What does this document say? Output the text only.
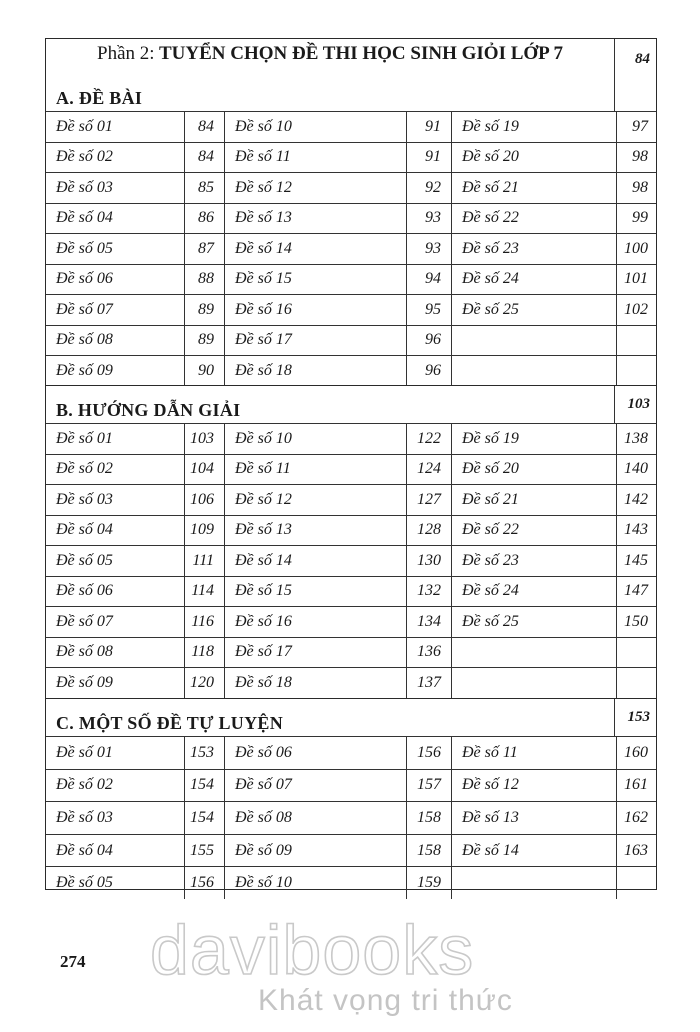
Phần 2: TUYỂN CHỌN ĐỀ THI HỌC SINH GIỎI LỚP 7
A. ĐỀ BÀI
84
Đề số 01	84	Đề số 10	91	Đề số 19	97
Đề số 02	84	Đề số 11	91	Đề số 20	98
Đề số 03	85	Đề số 12	92	Đề số 21	98
Đề số 04	86	Đề số 13	93	Đề số 22	99
Đề số 05	87	Đề số 14	93	Đề số 23	100
Đề số 06	88	Đề số 15	94	Đề số 24	101
Đề số 07	89	Đề số 16	95	Đề số 25	102
Đề số 08	89	Đề số 17	96
Đề số 09	90	Đề số 18	96
B. HƯỚNG DẪN GIẢI	103
Đề số 01	103	Đề số 10	122	Đề số 19	138
Đề số 02	104	Đề số 11	124	Đề số 20	140
Đề số 03	106	Đề số 12	127	Đề số 21	142
Đề số 04	109	Đề số 13	128	Đề số 22	143
Đề số 05	111	Đề số 14	130	Đề số 23	145
Đề số 06	114	Đề số 15	132	Đề số 24	147
Đề số 07	116	Đề số 16	134	Đề số 25	150
Đề số 08	118	Đề số 17	136
Đề số 09	120	Đề số 18	137
C. MỘT SỐ ĐỀ TỰ LUYỆN	153
Đề số 01	153	Đề số 06	156	Đề số 11	160
Đề số 02	154	Đề số 07	157	Đề số 12	161
Đề số 03	154	Đề số 08	158	Đề số 13	162
Đề số 04	155	Đề số 09	158	Đề số 14	163
Đề số 05	156	Đề số 10	159
274 davibooks
Khát vọng tri thức
